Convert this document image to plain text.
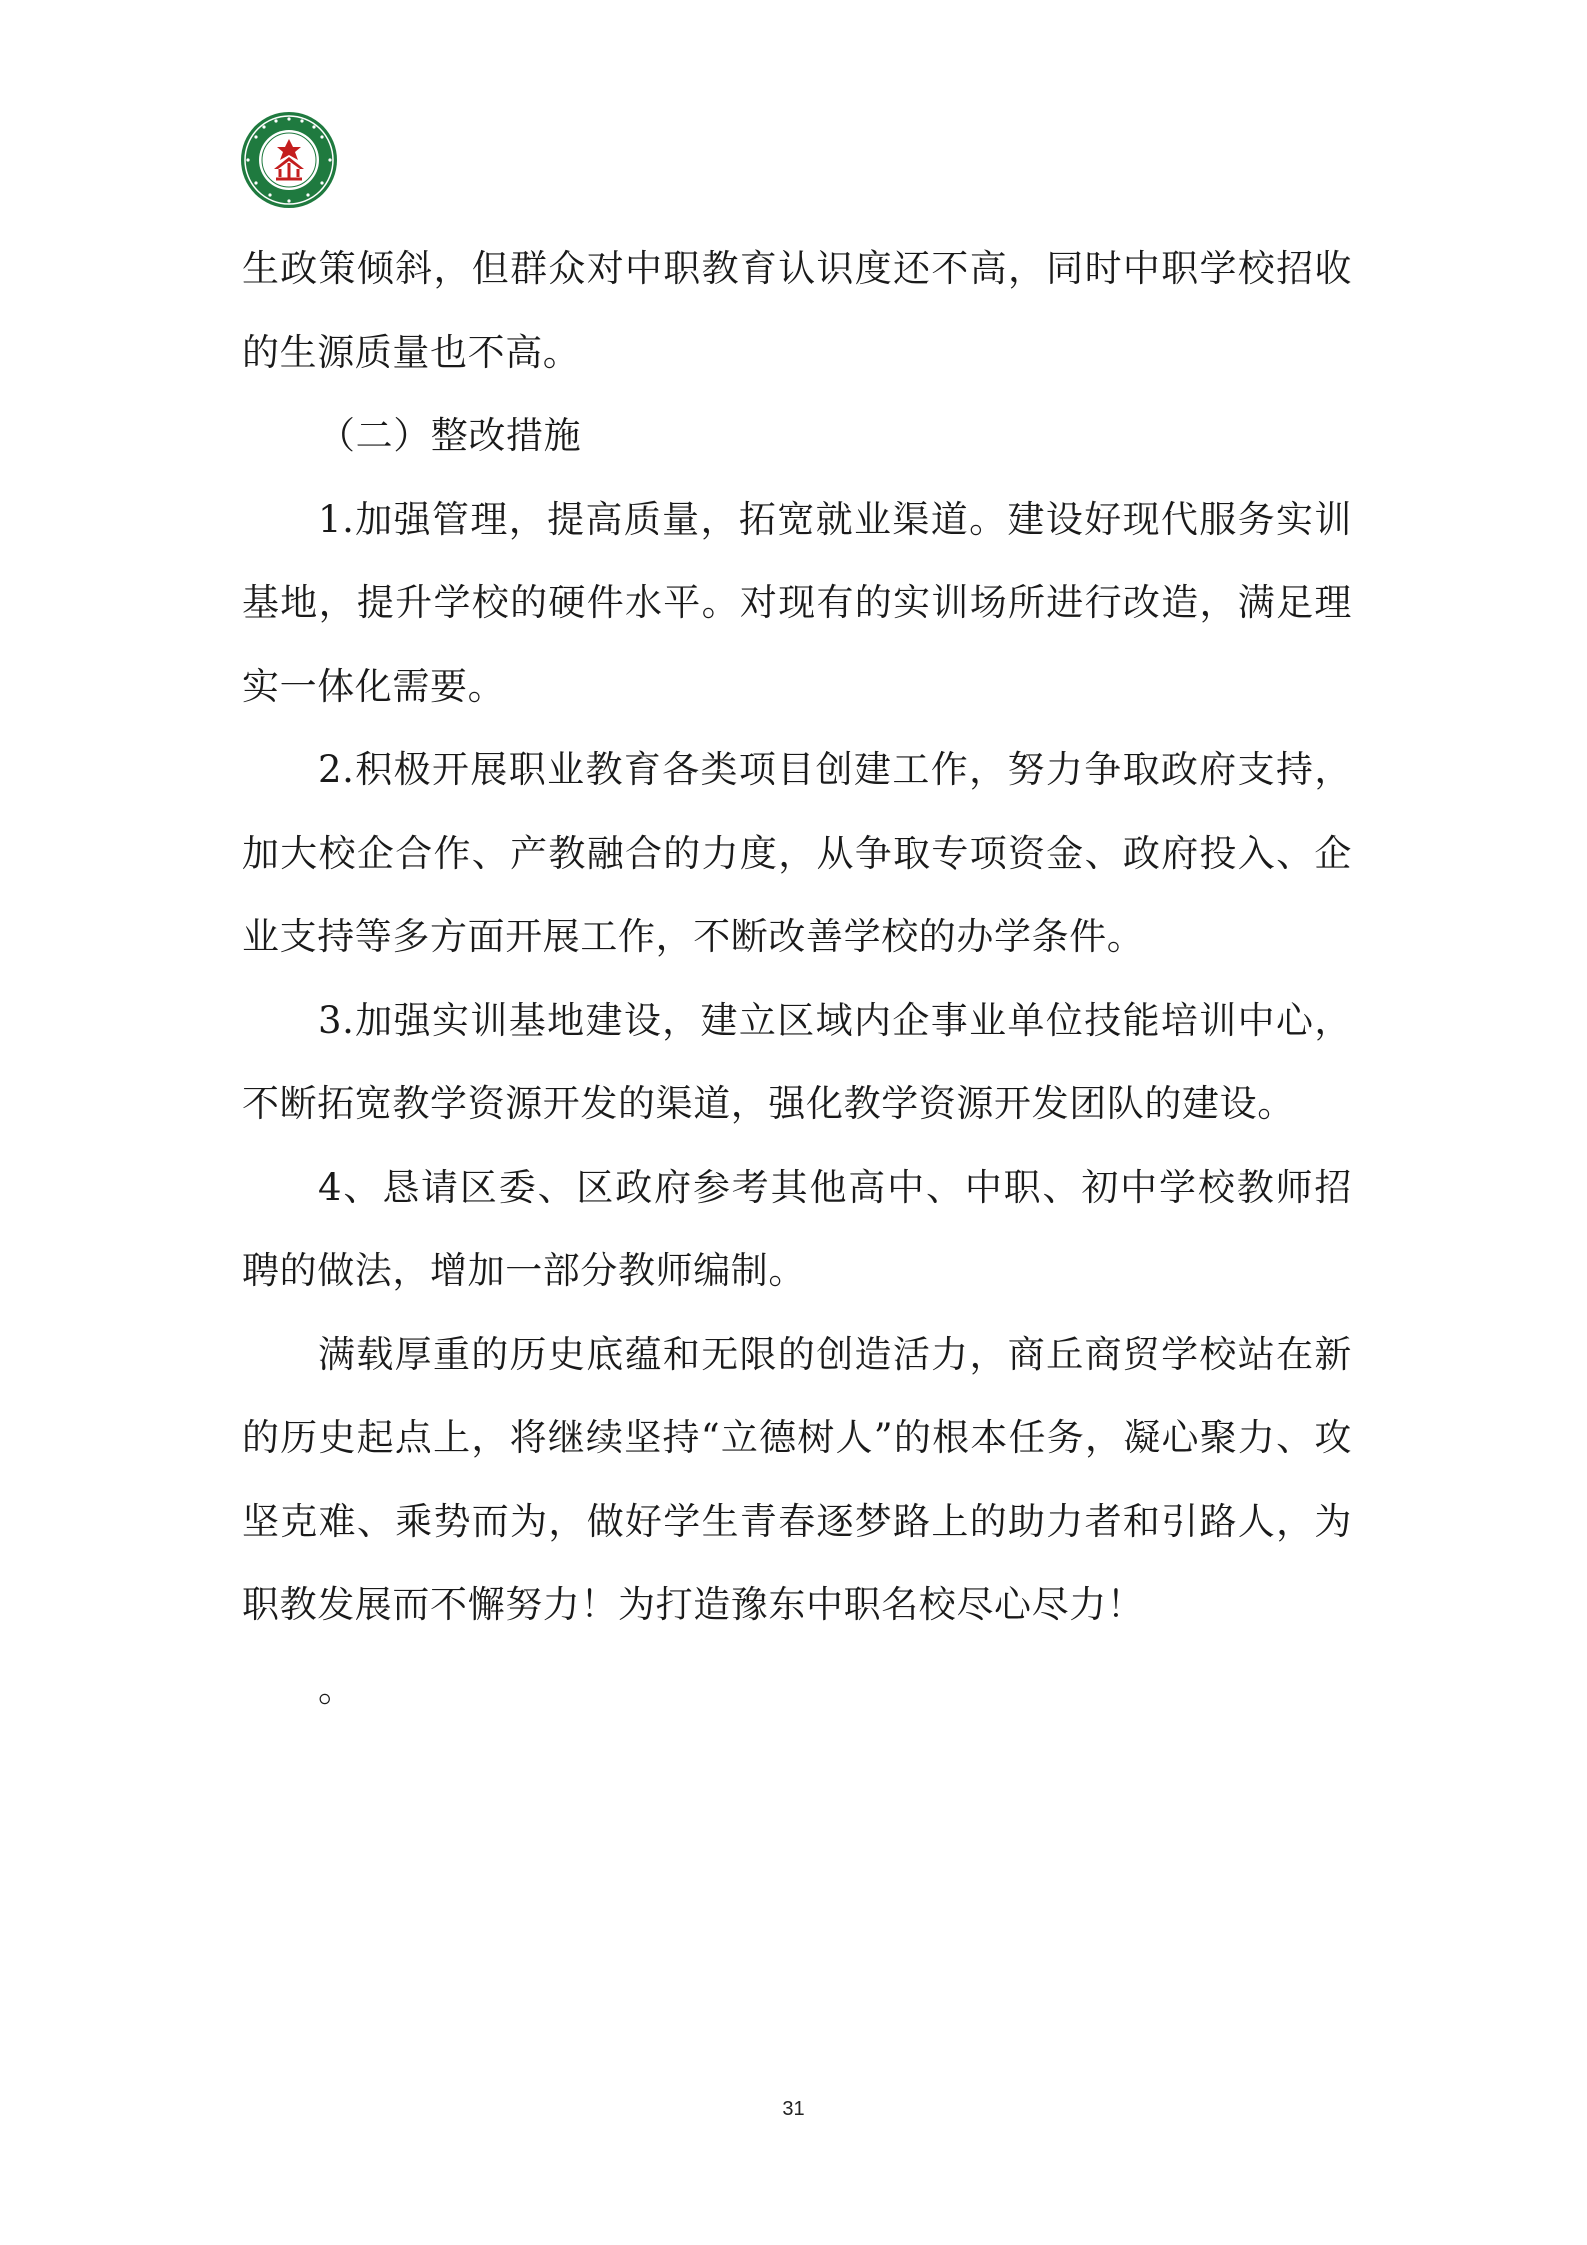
生政策倾斜，但群众对中职教育认识度还不高，同时中职学校招收的生源质量也不高。

（二）整改措施

1.加强管理，提高质量，拓宽就业渠道。建设好现代服务实训基地，提升学校的硬件水平。对现有的实训场所进行改造，满足理实一体化需要。

2.积极开展职业教育各类项目创建工作，努力争取政府支持，加大校企合作、产教融合的力度，从争取专项资金、政府投入、企业支持等多方面开展工作，不断改善学校的办学条件。

3.加强实训基地建设，建立区域内企事业单位技能培训中心，不断拓宽教学资源开发的渠道，强化教学资源开发团队的建设。

4、恳请区委、区政府参考其他高中、中职、初中学校教师招聘的做法，增加一部分教师编制。

满载厚重的历史底蕴和无限的创造活力，商丘商贸学校站在新的历史起点上，将继续坚持“立德树人”的根本任务，凝心聚力、攻坚克难、乘势而为，做好学生青春逐梦路上的助力者和引路人，为职教发展而不懈努力！为打造豫东中职名校尽心尽力！

。

31
